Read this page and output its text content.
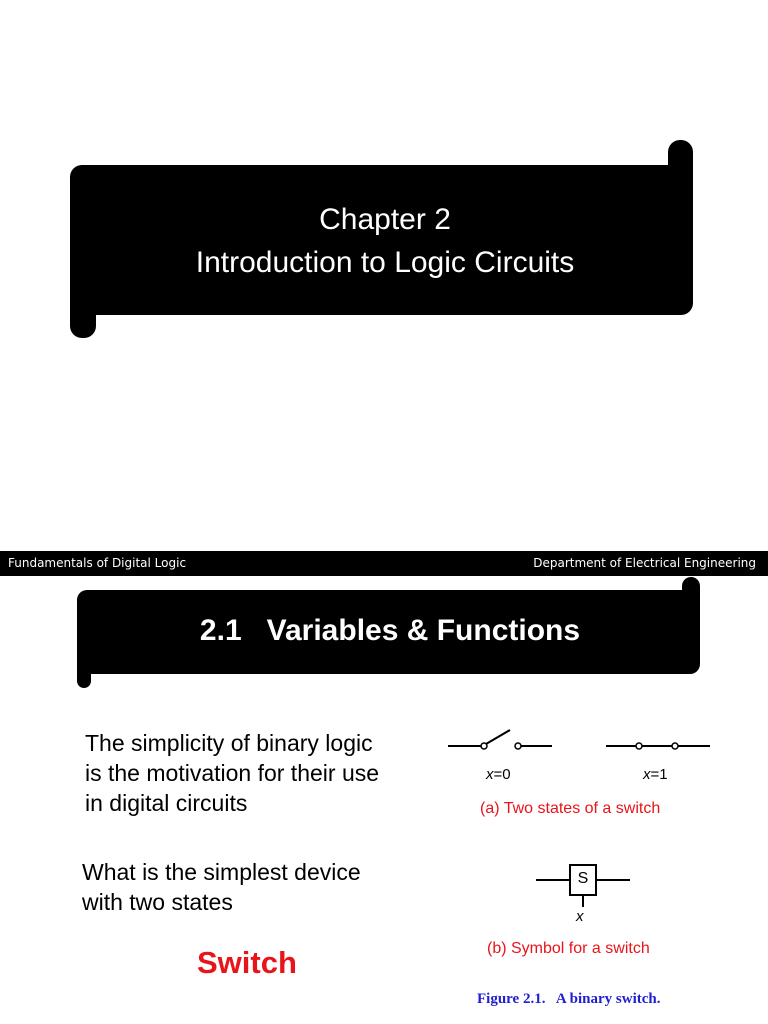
Chapter 2
Introduction to Logic Circuits
Fundamentals of Digital Logic	Department of Electrical Engineering
2.1   Variables & Functions
The simplicity of binary logic
is the motivation for their use
in digital circuits
What is the simplest device
with two states
Switch
x=0	x=1
(a) Two states of a switch
S
x
(b) Symbol for a switch
Figure 2.1.   A binary switch.
